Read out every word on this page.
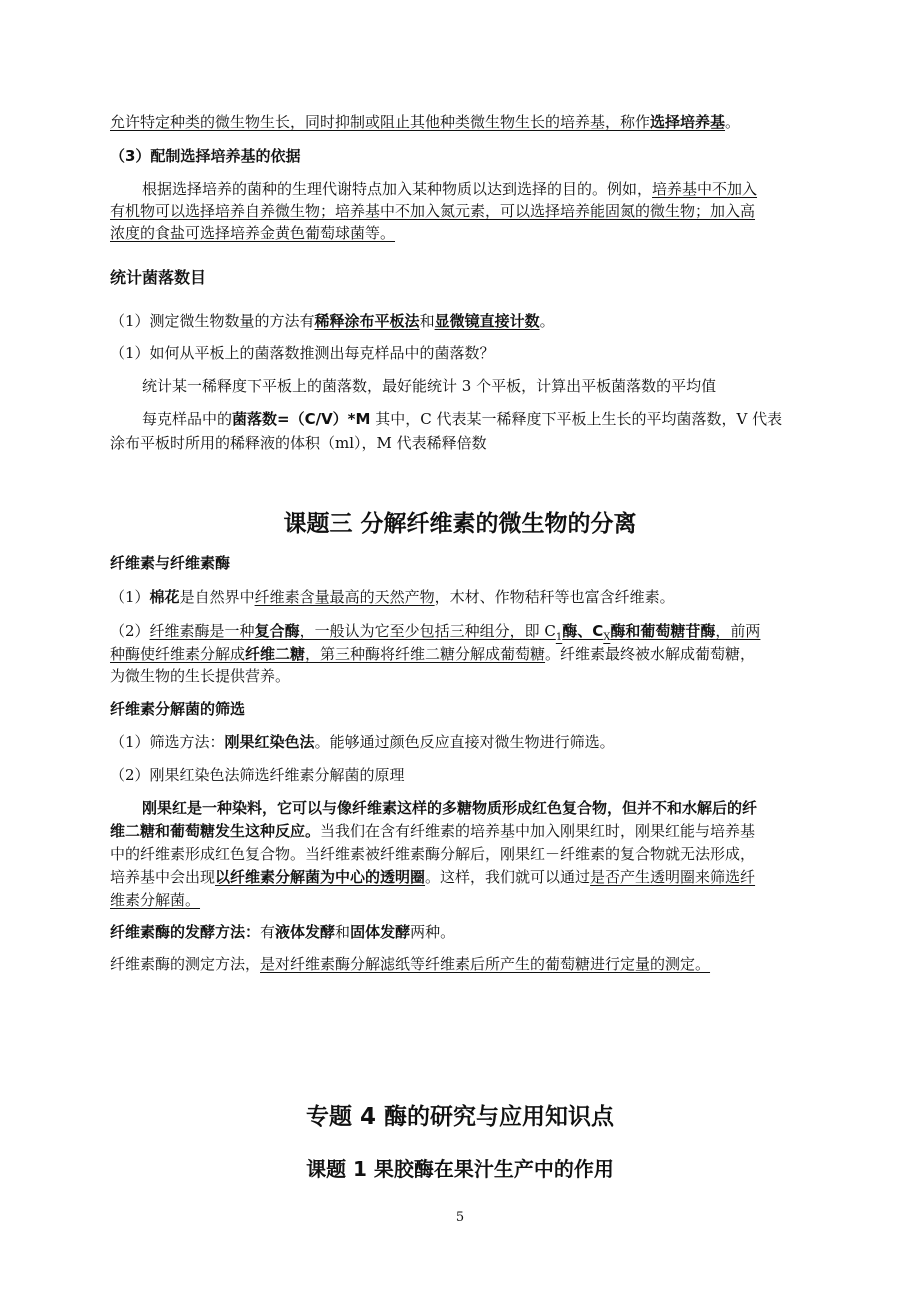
允许特定种类的微生物生长，同时抑制或阻止其他种类微生物生长的培养基，称作选择培养基。
（3）配制选择培养基的依据
根据选择培养的菌种的生理代谢特点加入某种物质以达到选择的目的。例如，培养基中不加入
有机物可以选择培养自养微生物；培养基中不加入氮元素，可以选择培养能固氮的微生物；加入高
浓度的食盐可选择培养金黄色葡萄球菌等。
统计菌落数目
（1）测定微生物数量的方法有稀释涂布平板法和显微镜直接计数。
（1）如何从平板上的菌落数推测出每克样品中的菌落数？
统计某一稀释度下平板上的菌落数，最好能统计 3 个平板，计算出平板菌落数的平均值
每克样品中的菌落数=（C/V）*M 其中，C 代表某一稀释度下平板上生长的平均菌落数，V 代表
涂布平板时所用的稀释液的体积（ml），M 代表稀释倍数
课题三 分解纤维素的微生物的分离
纤维素与纤维素酶
（1）棉花是自然界中纤维素含量最高的天然产物，木材、作物秸秆等也富含纤维素。
（2）纤维素酶是一种复合酶，一般认为它至少包括三种组分，即 $C_1$酶、$C_X$酶和葡萄糖苷酶，前两
种酶使纤维素分解成纤维二糖，第三种酶将纤维二糖分解成葡萄糖。纤维素最终被水解成葡萄糖，
为微生物的生长提供营养。
纤维素分解菌的筛选
（1）筛选方法：刚果红染色法。能够通过颜色反应直接对微生物进行筛选。
（2）刚果红染色法筛选纤维素分解菌的原理
刚果红是一种染料，它可以与像纤维素这样的多糖物质形成红色复合物，但并不和水解后的纤
维二糖和葡萄糖发生这种反应。当我们在含有纤维素的培养基中加入刚果红时，刚果红能与培养基
中的纤维素形成红色复合物。当纤维素被纤维素酶分解后，刚果红－纤维素的复合物就无法形成，
培养基中会出现以纤维素分解菌为中心的透明圈。这样，我们就可以通过是否产生透明圈来筛选纤
维素分解菌。
纤维素酶的发酵方法：有液体发酵和固体发酵两种。
纤维素酶的测定方法，是对纤维素酶分解滤纸等纤维素后所产生的葡萄糖进行定量的测定。
专题 4 酶的研究与应用知识点
课题 1 果胶酶在果汁生产中的作用
5
